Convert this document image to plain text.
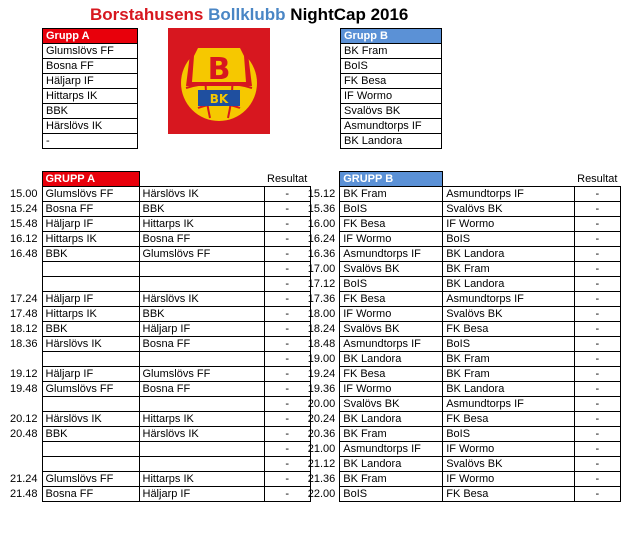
Borstahusens Bollklubb NightCap 2016
Grupp A
Glumslövs FF
Bosna FF
Häljarp IF
Hittarps IK
BBK
Härslövs IK
-
B
BK
Grupp B
BK Fram
BoIS
FK Besa
IF Wormo
Svalövs BK
Asmundtorps IF
BK Landora
	GRUPP A		Resultat
15.00	Glumslövs FF	Härslövs IK	-
15.24	Bosna FF	BBK	-
15.48	Häljarp IF	Hittarps IK	-
16.12	Hittarps IK	Bosna FF	-
16.48	BBK	Glumslövs FF	-
			-
			-
17.24	Häljarp IF	Härslövs IK	-
17.48	Hittarps IK	BBK	-
18.12	BBK	Häljarp IF	-
18.36	Härslövs IK	Bosna FF	-
			-
19.12	Häljarp IF	Glumslövs FF	-
19.48	Glumslövs FF	Bosna FF	-
			-
20.12	Härslövs IK	Hittarps IK	-
20.48	BBK	Härslövs IK	-
			-
			-
21.24	Glumslövs FF	Hittarps IK	-
21.48	Bosna FF	Häljarp IF	-
	GRUPP B		Resultat
15.12	BK Fram	Asmundtorps IF	-
15.36	BoIS	Svalövs BK	-
16.00	FK Besa	IF Wormo	-
16.24	IF Wormo	BoIS	-
16.36	Asmundtorps IF	BK Landora	-
17.00	Svalövs BK	BK Fram	-
17.12	BoIS	BK Landora	-
17.36	FK Besa	Asmundtorps IF	-
18.00	IF Wormo	Svalövs BK	-
18.24	Svalövs BK	FK Besa	-
18.48	Asmundtorps IF	BoIS	-
19.00	BK Landora	BK Fram	-
19.24	FK Besa	BK Fram	-
19.36	IF Wormo	BK Landora	-
20.00	Svalövs BK	Asmundtorps IF	-
20.24	BK Landora	FK Besa	-
20.36	BK Fram	BoIS	-
21.00	Asmundtorps IF	IF Wormo	-
21.12	BK Landora	Svalövs BK	-
21.36	BK Fram	IF Wormo	-
22.00	BoIS	FK Besa	-
